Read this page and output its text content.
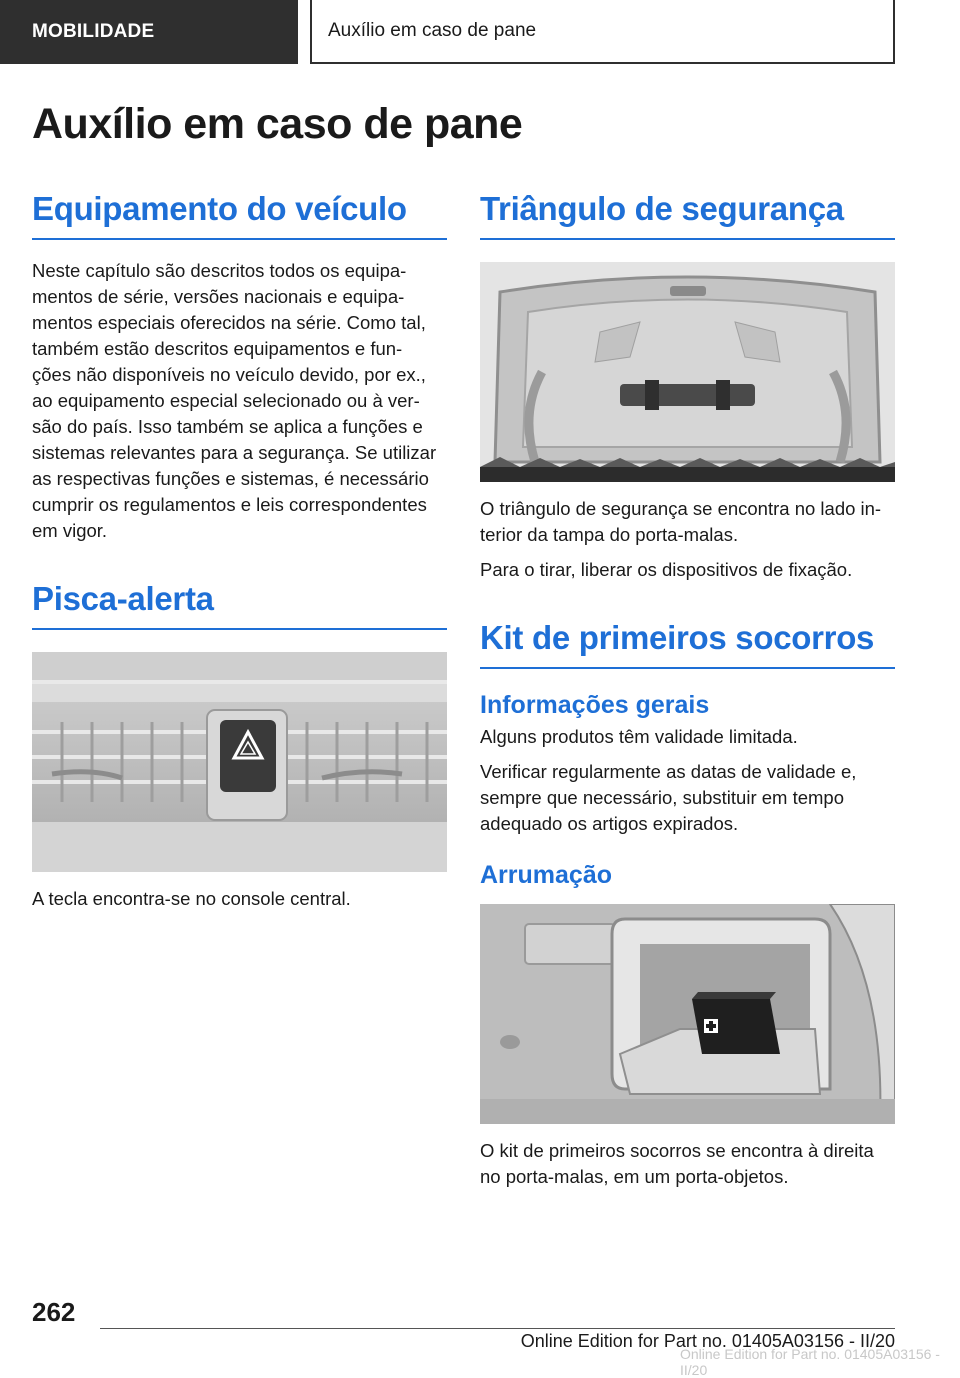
MOBILIDADE	Auxílio em caso de pane
Auxílio em caso de pane
Equipamento do veículo

Neste capítulo são descritos todos os equipa-
mentos de série, versões nacionais e equipa-
mentos especiais oferecidos na série. Como tal,
também estão descritos equipamentos e fun-
ções não disponíveis no veículo devido, por ex.,
ao equipamento especial selecionado ou à ver-
são do país. Isso também se aplica a funções e
sistemas relevantes para a segurança. Se utilizar
as respectivas funções e sistemas, é necessário
cumprir os regulamentos e leis correspondentes
em vigor.

Pisca-alerta

A tecla encontra-se no console central.

Triângulo de segurança

O triângulo de segurança se encontra no lado in-
terior da tampa do porta-malas.

Para o tirar, liberar os dispositivos de fixação.

Kit de primeiros socorros
Informações gerais

Alguns produtos têm validade limitada.

Verificar regularmente as datas de validade e,
sempre que necessário, substituir em tempo
adequado os artigos expirados.

Arrumação

O kit de primeiros socorros se encontra à direita
no porta-malas, em um porta-objetos.

262
Online Edition for Part no. 01405A03156 - II/20
Online Edition for Part no. 01405A03156 - II/20
